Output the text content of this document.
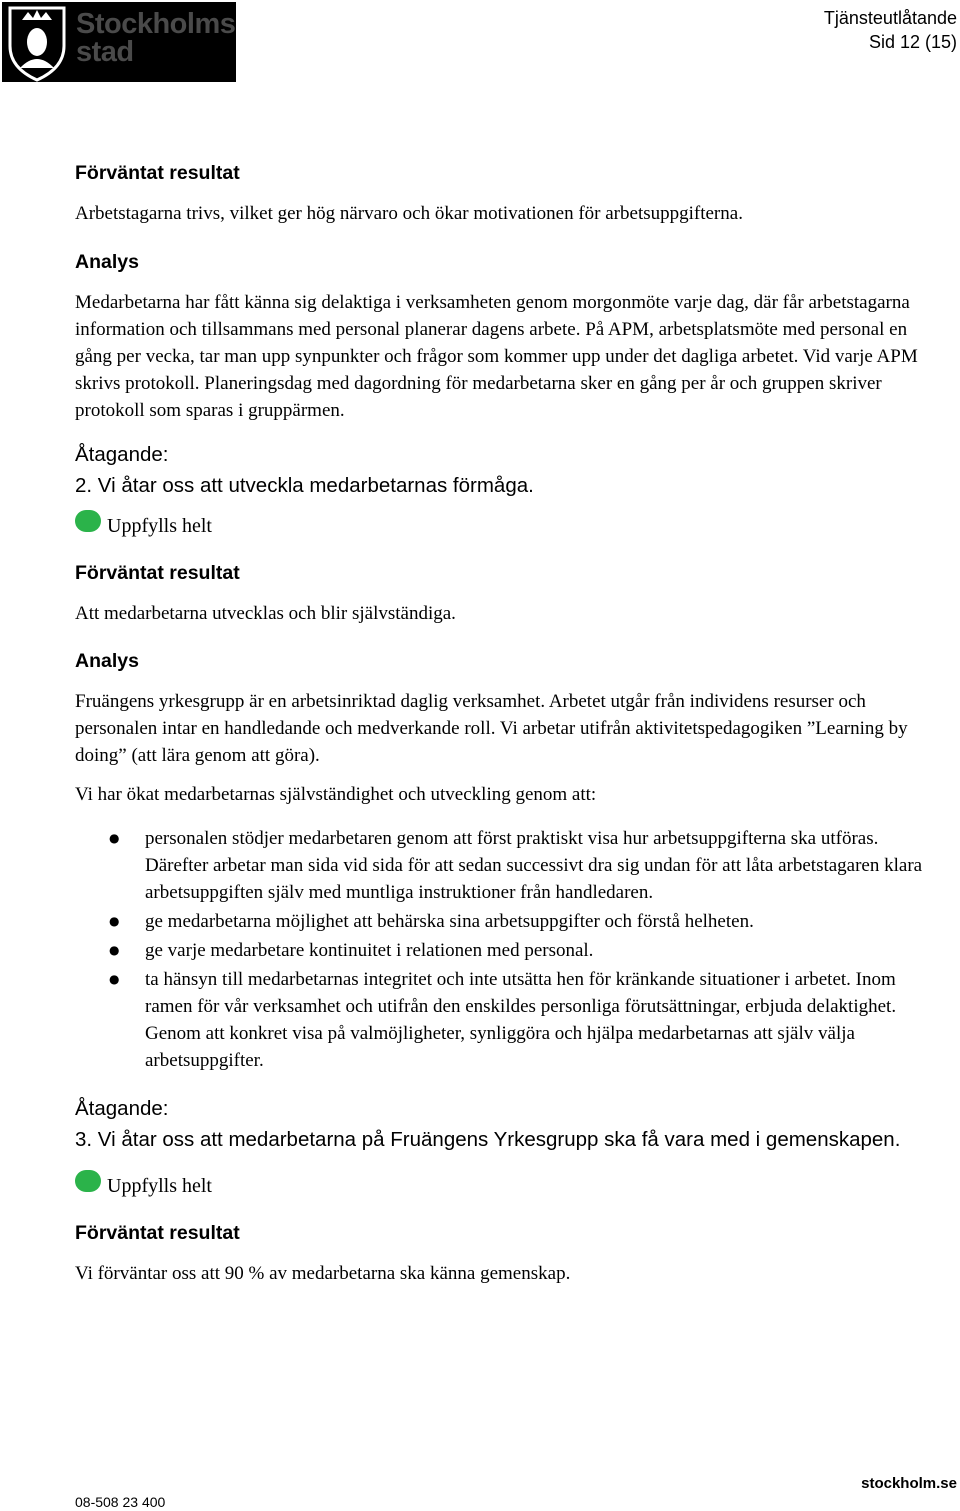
Stockholms
stad
Tjänsteutlåtande
Sid 12 (15)

Förväntat resultat

Arbetstagarna trivs, vilket ger hög närvaro och ökar motivationen för arbetsuppgifterna.

Analys

Medarbetarna har fått känna sig delaktiga i verksamheten genom morgonmöte varje dag, där får arbetstagarna information och tillsammans med personal planerar dagens arbete. På APM, arbetsplatsmöte med personal en gång per vecka, tar man upp synpunkter och frågor som kommer upp under det dagliga arbetet. Vid varje APM skrivs protokoll. Planeringsdag med dagordning för medarbetarna sker en gång per år och gruppen skriver protokoll som sparas i gruppärmen.

Åtagande:

2. Vi åtar oss att utveckla medarbetarnas förmåga.

Uppfylls helt

Förväntat resultat

Att medarbetarna utvecklas och blir självständiga.

Analys

Fruängens yrkesgrupp är en arbetsinriktad daglig verksamhet. Arbetet utgår från individens resurser och personalen intar en handledande och medverkande roll. Vi arbetar utifrån aktivitetspedagogiken ”Learning by doing” (att lära genom att göra).

Vi har ökat medarbetarnas självständighet och utveckling genom att:

● personalen stödjer medarbetaren genom att först praktiskt visa hur arbetsuppgifterna ska utföras. Därefter arbetar man sida vid sida för att sedan successivt dra sig undan för att låta arbetstagaren klara arbetsuppgiften själv med muntliga instruktioner från handledaren.
● ge medarbetarna möjlighet att behärska sina arbetsuppgifter och förstå helheten.
● ge varje medarbetare kontinuitet i relationen med personal.
● ta hänsyn till medarbetarnas integritet och inte utsätta hen för kränkande situationer i arbetet. Inom ramen för vår verksamhet och utifrån den enskildes personliga förutsättningar, erbjuda delaktighet. Genom att konkret visa på valmöjligheter, synliggöra och hjälpa medarbetarnas att själv välja arbetsuppgifter.

Åtagande:

3. Vi åtar oss att medarbetarna på Fruängens Yrkesgrupp ska få vara med i gemenskapen.

Uppfylls helt

Förväntat resultat

Vi förväntar oss att 90 % av medarbetarna ska känna gemenskap.

08-508 23 400
stockholm.se
